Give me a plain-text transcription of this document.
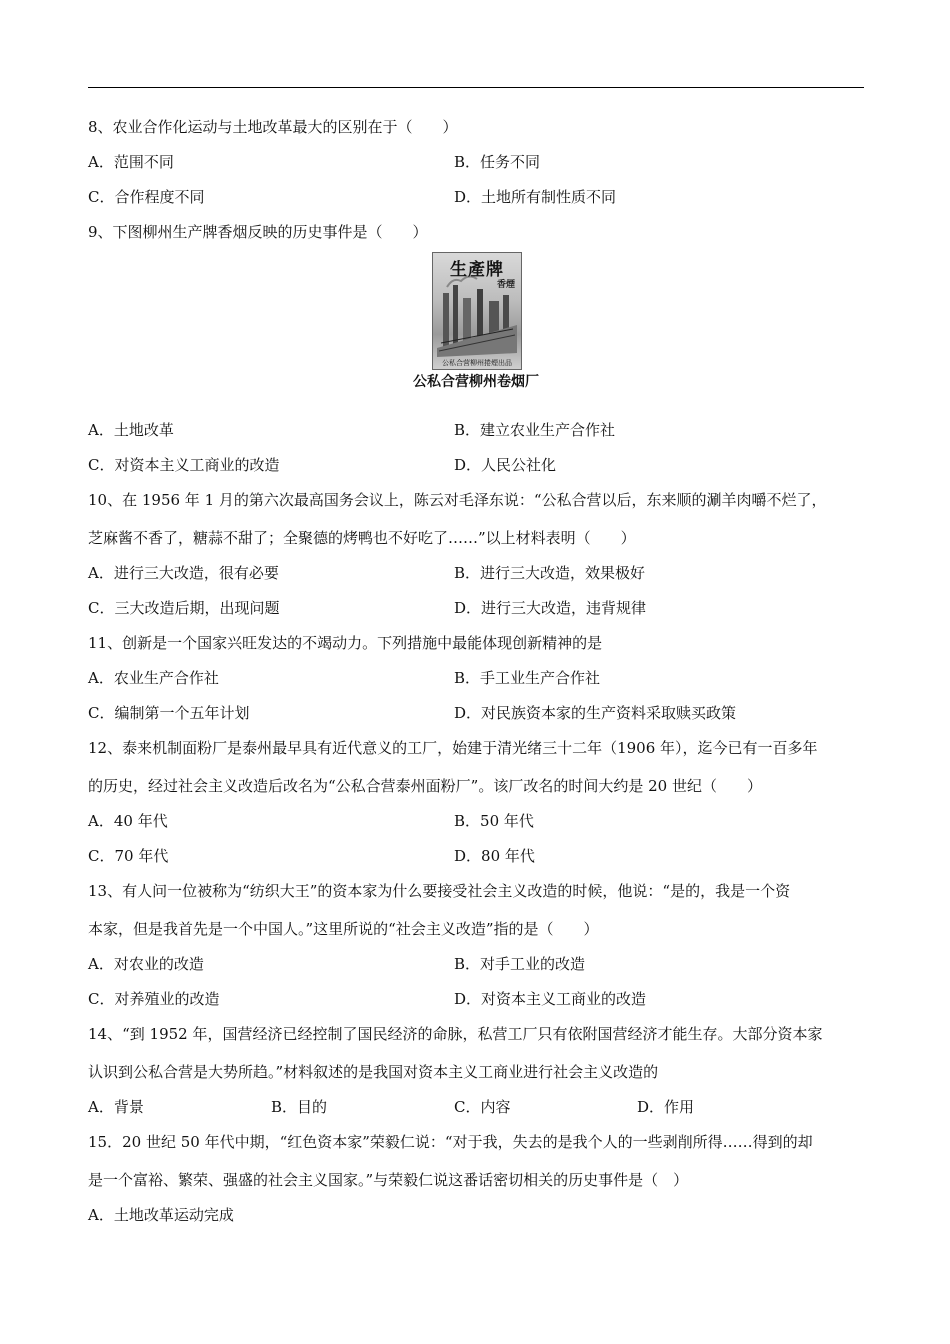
8、农业合作化运动与土地改革最大的区别在于（　　）
A．范围不同	B．任务不同
C．合作程度不同	D．土地所有制性质不同
9、下图柳州生产牌香烟反映的历史事件是（　　）
生產牌
香煙
公私合营柳州捲煙出品
公私合营柳州卷烟厂
A．土地改革	B．建立农业生产合作社
C．对资本主义工商业的改造	D．人民公社化
10、在 1956 年 1 月的第六次最高国务会议上，陈云对毛泽东说：“公私合营以后，东来顺的涮羊肉嚼不烂了，
芝麻酱不香了，糖蒜不甜了；全聚德的烤鸭也不好吃了……”以上材料表明（　　）
A．进行三大改造，很有必要	B．进行三大改造，效果极好
C．三大改造后期，出现问题	D．进行三大改造，违背规律
11、创新是一个国家兴旺发达的不竭动力。下列措施中最能体现创新精神的是
A．农业生产合作社	B．手工业生产合作社
C．编制第一个五年计划	D．对民族资本家的生产资料采取赎买政策
12、泰来机制面粉厂是泰州最早具有近代意义的工厂，始建于清光绪三十二年（1906 年），迄今已有一百多年
的历史，经过社会主义改造后改名为“公私合营泰州面粉厂”。该厂改名的时间大约是 20 世纪（　　）
A．40 年代	B．50 年代
C．70 年代	D．80 年代
13、有人问一位被称为“纺织大王”的资本家为什么要接受社会主义改造的时候，他说：“是的，我是一个资
本家，但是我首先是一个中国人。”这里所说的“社会主义改造”指的是（　　）
A．对农业的改造	B．对手工业的改造
C．对养殖业的改造	D．对资本主义工商业的改造
14、“到 1952 年，国营经济已经控制了国民经济的命脉，私营工厂只有依附国营经济才能生存。大部分资本家
认识到公私合营是大势所趋。”材料叙述的是我国对资本主义工商业进行社会主义改造的
A．背景	B．目的	C．内容	D．作用
15．20 世纪 50 年代中期，“红色资本家”荣毅仁说：“对于我，失去的是我个人的一些剥削所得……得到的却
是一个富裕、繁荣、强盛的社会主义国家。”与荣毅仁说这番话密切相关的历史事件是（　）
A．土地改革运动完成
